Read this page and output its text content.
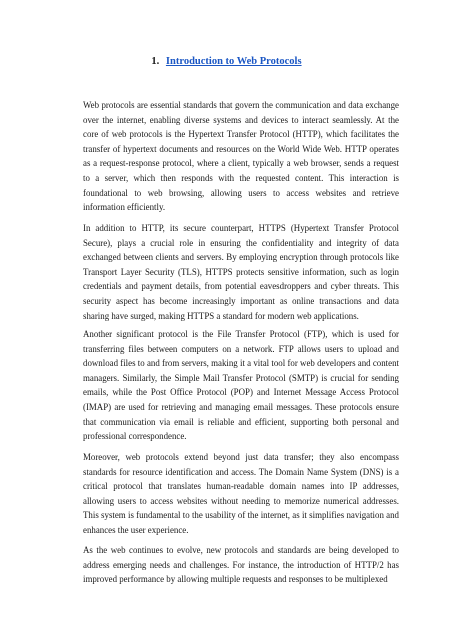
1. Introduction to Web Protocols

Web protocols are essential standards that govern the communication and data exchange over the internet, enabling diverse systems and devices to interact seamlessly. At the core of web protocols is the Hypertext Transfer Protocol (HTTP), which facilitates the transfer of hypertext documents and resources on the World Wide Web. HTTP operates as a request-response protocol, where a client, typically a web browser, sends a request to a server, which then responds with the requested content. This interaction is foundational to web browsing, allowing users to access websites and retrieve information efficiently.

In addition to HTTP, its secure counterpart, HTTPS (Hypertext Transfer Protocol Secure), plays a crucial role in ensuring the confidentiality and integrity of data exchanged between clients and servers. By employing encryption through protocols like Transport Layer Security (TLS), HTTPS protects sensitive information, such as login credentials and payment details, from potential eavesdroppers and cyber threats. This security aspect has become increasingly important as online transactions and data sharing have surged, making HTTPS a standard for modern web applications.

Another significant protocol is the File Transfer Protocol (FTP), which is used for transferring files between computers on a network. FTP allows users to upload and download files to and from servers, making it a vital tool for web developers and content managers. Similarly, the Simple Mail Transfer Protocol (SMTP) is crucial for sending emails, while the Post Office Protocol (POP) and Internet Message Access Protocol (IMAP) are used for retrieving and managing email messages. These protocols ensure that communication via email is reliable and efficient, supporting both personal and professional correspondence.

Moreover, web protocols extend beyond just data transfer; they also encompass standards for resource identification and access. The Domain Name System (DNS) is a critical protocol that translates human-readable domain names into IP addresses, allowing users to access websites without needing to memorize numerical addresses. This system is fundamental to the usability of the internet, as it simplifies navigation and enhances the user experience.

As the web continues to evolve, new protocols and standards are being developed to address emerging needs and challenges. For instance, the introduction of HTTP/2 has improved performance by allowing multiple requests and responses to be multiplexed
